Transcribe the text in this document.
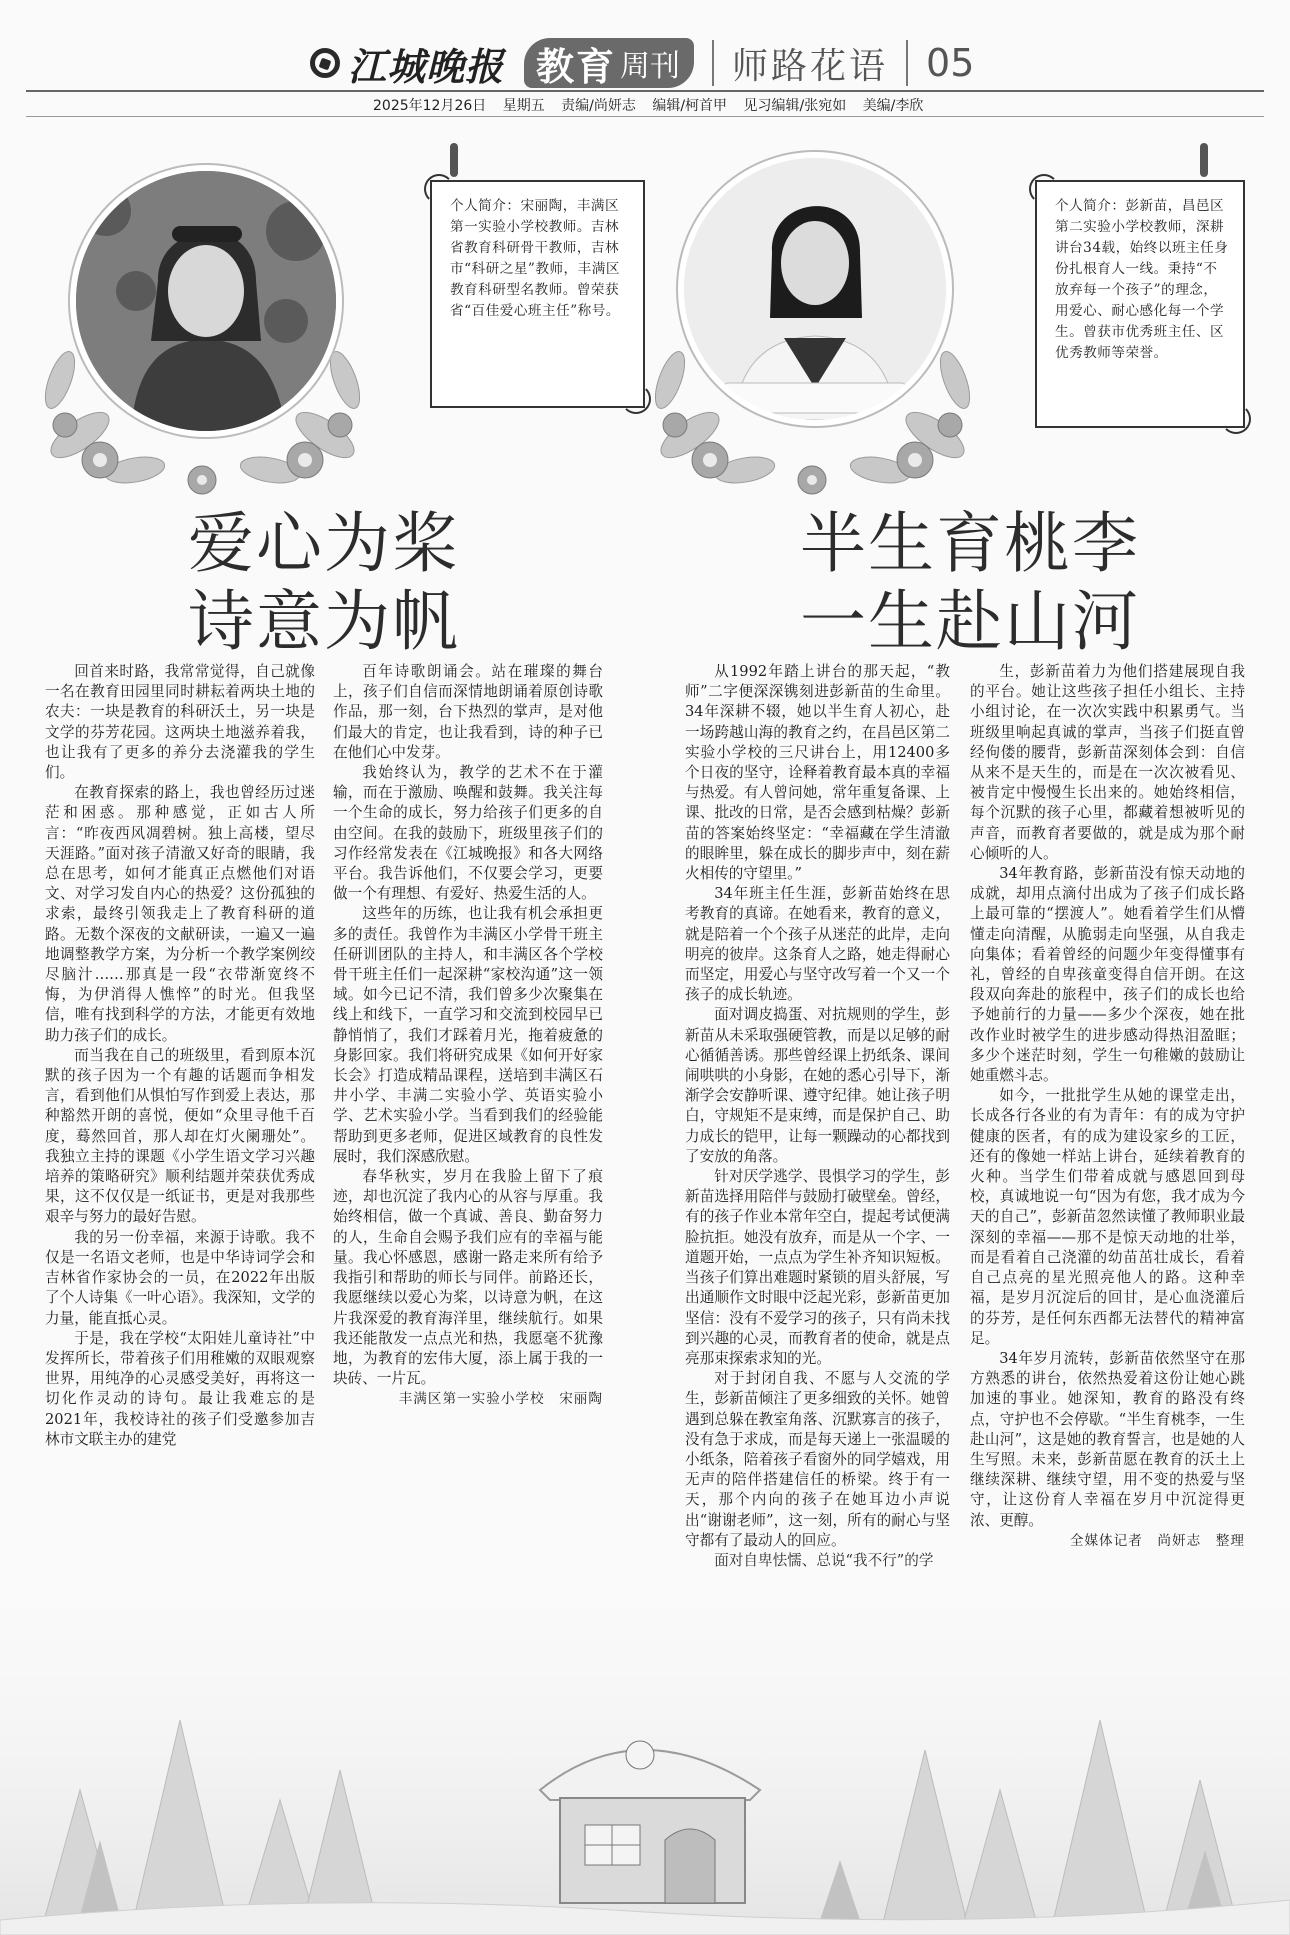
江城晚报 教育 周刊 师路花语 05
2025年12月26日 星期五 责编/尚妍志 编辑/柯首甲 见习编辑/张宛如 美编/李欣
个人简介：宋丽陶，丰满区第一实验小学校教师。吉林省教育科研骨干教师，吉林市“科研之星”教师，丰满区教育科研型名教师。曾荣获省“百佳爱心班主任”称号。
个人简介：彭新苗，昌邑区第二实验小学校教师，深耕讲台34载，始终以班主任身份扎根育人一线。秉持“不放弃每一个孩子”的理念，用爱心、耐心感化每一个学生。曾获市优秀班主任、区优秀教师等荣誉。
爱心为桨
诗意为帆
半生育桃李
一生赴山河

回首来时路，我常常觉得，自己就像一名在教育田园里同时耕耘着两块土地的农夫：一块是教育的科研沃土，另一块是文学的芬芳花园。这两块土地滋养着我，也让我有了更多的养分去浇灌我的学生们。

在教育探索的路上，我也曾经历过迷茫和困惑。那种感觉，正如古人所言：“昨夜西风凋碧树。独上高楼，望尽天涯路。”面对孩子清澈又好奇的眼睛，我总在思考，如何才能真正点燃他们对语文、对学习发自内心的热爱？这份孤独的求索，最终引领我走上了教育科研的道路。无数个深夜的文献研读，一遍又一遍地调整教学方案，为分析一个教学案例绞尽脑汁……那真是一段“衣带渐宽终不悔，为伊消得人憔悴”的时光。但我坚信，唯有找到科学的方法，才能更有效地助力孩子们的成长。

而当我在自己的班级里，看到原本沉默的孩子因为一个有趣的话题而争相发言，看到他们从惧怕写作到爱上表达，那种豁然开朗的喜悦，便如“众里寻他千百度，蓦然回首，那人却在灯火阑珊处”。我独立主持的课题《小学生语文学习兴趣培养的策略研究》顺利结题并荣获优秀成果，这不仅仅是一纸证书，更是对我那些艰辛与努力的最好告慰。

我的另一份幸福，来源于诗歌。我不仅是一名语文老师，也是中华诗词学会和吉林省作家协会的一员，在2022年出版了个人诗集《一叶心语》。我深知，文学的力量，能直抵心灵。

于是，我在学校“太阳娃儿童诗社”中发挥所长，带着孩子们用稚嫩的双眼观察世界，用纯净的心灵感受美好，再将这一切化作灵动的诗句。最让我难忘的是2021年，我校诗社的孩子们受邀参加吉林市文联主办的建党

百年诗歌朗诵会。站在璀璨的舞台上，孩子们自信而深情地朗诵着原创诗歌作品，那一刻，台下热烈的掌声，是对他们最大的肯定，也让我看到，诗的种子已在他们心中发芽。

我始终认为，教学的艺术不在于灌输，而在于激励、唤醒和鼓舞。我关注每一个生命的成长，努力给孩子们更多的自由空间。在我的鼓励下，班级里孩子们的习作经常发表在《江城晚报》和各大网络平台。我告诉他们，不仅要会学习，更要做一个有理想、有爱好、热爱生活的人。

这些年的历练，也让我有机会承担更多的责任。我曾作为丰满区小学骨干班主任研训团队的主持人，和丰满区各个学校骨干班主任们一起深耕“家校沟通”这一领域。如今已记不清，我们曾多少次聚集在线上和线下，一直学习和交流到校园早已静悄悄了，我们才踩着月光，拖着疲惫的身影回家。我们将研究成果《如何开好家长会》打造成精品课程，送培到丰满区石井小学、丰满二实验小学、英语实验小学、艺术实验小学。当看到我们的经验能帮助到更多老师，促进区域教育的良性发展时，我们深感欣慰。

春华秋实，岁月在我脸上留下了痕迹，却也沉淀了我内心的从容与厚重。我始终相信，做一个真诚、善良、勤奋努力的人，生命自会赐予我们应有的幸福与能量。我心怀感恩，感谢一路走来所有给予我指引和帮助的师长与同伴。前路还长，我愿继续以爱心为桨，以诗意为帆，在这片我深爱的教育海洋里，继续航行。如果我还能散发一点点光和热，我愿毫不犹豫地，为教育的宏伟大厦，添上属于我的一块砖、一片瓦。

丰满区第一实验小学校　宋丽陶

从1992年踏上讲台的那天起，“教师”二字便深深镌刻进彭新苗的生命里。34年深耕不辍，她以半生育人初心，赴一场跨越山海的教育之约，在昌邑区第二实验小学校的三尺讲台上，用12400多个日夜的坚守，诠释着教育最本真的幸福与热爱。有人曾问她，常年重复备课、上课、批改的日常，是否会感到枯燥？彭新苗的答案始终坚定：“幸福藏在学生清澈的眼眸里，躲在成长的脚步声中，刻在薪火相传的守望里。”

34年班主任生涯，彭新苗始终在思考教育的真谛。在她看来，教育的意义，就是陪着一个个孩子从迷茫的此岸，走向明亮的彼岸。这条育人之路，她走得耐心而坚定，用爱心与坚守改写着一个又一个孩子的成长轨迹。

面对调皮捣蛋、对抗规则的学生，彭新苗从未采取强硬管教，而是以足够的耐心循循善诱。那些曾经课上扔纸条、课间闹哄哄的小身影，在她的悉心引导下，渐渐学会安静听课、遵守纪律。她让孩子明白，守规矩不是束缚，而是保护自己、助力成长的铠甲，让每一颗躁动的心都找到了安放的角落。

针对厌学逃学、畏惧学习的学生，彭新苗选择用陪伴与鼓励打破壁垒。曾经，有的孩子作业本常年空白，提起考试便满脸抗拒。她没有放弃，而是从一个字、一道题开始，一点点为学生补齐知识短板。当孩子们算出难题时紧锁的眉头舒展，写出通顺作文时眼中泛起光彩，彭新苗更加坚信：没有不爱学习的孩子，只有尚未找到兴趣的心灵，而教育者的使命，就是点亮那束探索求知的光。

对于封闭自我、不愿与人交流的学生，彭新苗倾注了更多细致的关怀。她曾遇到总躲在教室角落、沉默寡言的孩子，没有急于求成，而是每天递上一张温暖的小纸条，陪着孩子看窗外的同学嬉戏，用无声的陪伴搭建信任的桥梁。终于有一天，那个内向的孩子在她耳边小声说出“谢谢老师”，这一刻，所有的耐心与坚

生，彭新苗着力为他们搭建展现自我的平台。她让这些孩子担任小组长、主持小组讨论，在一次次实践中积累勇气。当班级里响起真诚的掌声，当孩子们挺直曾经佝偻的腰背，彭新苗深刻体会到：自信从来不是天生的，而是在一次次被看见、被肯定中慢慢生长出来的。她始终相信，每个沉默的孩子心里，都藏着想被听见的声音，而教育者要做的，就是成为那个耐心倾听的人。

34年教育路，彭新苗没有惊天动地的成就，却用点滴付出成为了孩子们成长路上最可靠的“摆渡人”。她看着学生们从懵懂走向清醒，从脆弱走向坚强，从自我走向集体；看着曾经的问题少年变得懂事有礼，曾经的自卑孩童变得自信开朗。在这段双向奔赴的旅程中，孩子们的成长也给予她前行的力量——多少个深夜，她在批改作业时被学生的进步感动得热泪盈眶；多少个迷茫时刻，学生一句稚嫩的鼓励让她重燃斗志。

如今，一批批学生从她的课堂走出，长成各行各业的有为青年：有的成为守护健康的医者，有的成为建设家乡的工匠，还有的像她一样站上讲台，延续着教育的火种。当学生们带着成就与感恩回到母校，真诚地说一句“因为有您，我才成为今天的自己”，彭新苗忽然读懂了教师职业最深刻的幸福——那不是惊天动地的壮举，而是看着自己浇灌的幼苗茁壮成长，看着自己点亮的星光照亮他人的路。这种幸福，是岁月沉淀后的回甘，是心血浇灌后的芬芳，是任何东西都无法替代的精神富足。

34年岁月流转，彭新苗依然坚守在那方熟悉的讲台，依然热爱着这份让她心跳加速的事业。她深知，教育的路没有终点，守护也不会停歇。“半生育桃李，一生赴山河”，这是她的教育誓言，也是她的人生写照。未来，彭新苗愿在教育的沃土上继续深耕、继续守望，用不变的热爱与坚守，让这份育人幸福在岁月中沉淀得更浓、更醇。
